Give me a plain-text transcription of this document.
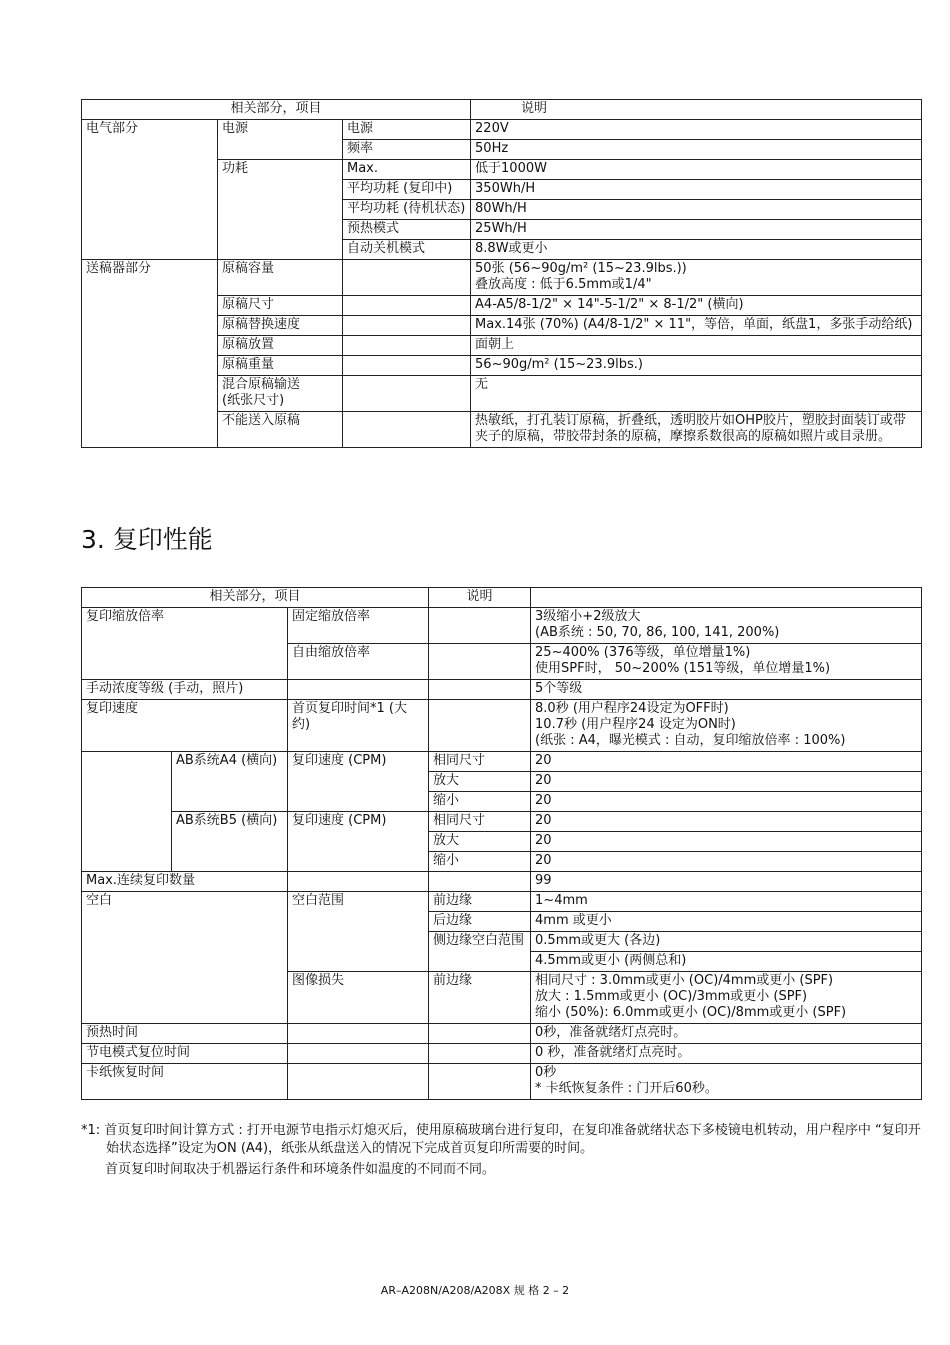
相关部分，项目			说明
电气部分	电源	电源	220V
		频率	50Hz
	功耗	Max.	低于1000W
		平均功耗 (复印中)	350Wh/H
		平均功耗 (待机状态)	80Wh/H
		预热模式	25Wh/H
		自动关机模式	8.8W或更小
送稿器部分	原稿容量		50张 (56~90g/m² (15~23.9lbs.))
叠放高度 : 低于6.5mm或1/4"
	原稿尺寸		A4-A5/8-1/2" × 14"-5-1/2" × 8-1/2" (横向)
	原稿替换速度		Max.14张 (70%) (A4/8-1/2" × 11"，等倍，单面，纸盘1，多张手动给纸)
	原稿放置		面朝上
	原稿重量		56~90g/m² (15~23.9lbs.)
	混合原稿输送
(纸张尺寸)		无
	不能送入原稿		热敏纸，打孔装订原稿，折叠纸，透明胶片如OHP胶片，塑胶封面装订或带夹子的原稿，带胶带封条的原稿，摩擦系数很高的原稿如照片或目录册。
3. 复印性能
相关部分，项目			说明	
复印缩放倍率		固定缩放倍率		3级缩小+2级放大
(AB系统 : 50, 70, 86, 100, 141, 200%)
		自由缩放倍率		25~400% (376等级，单位增量1%)
使用SPF时， 50~200% (151等级，单位增量1%)
手动浓度等级 (手动，照片)				5个等级
复印速度		首页复印时间*1 (大约)		8.0秒 (用户程序24设定为OFF时)
10.7秒 (用户程序24 设定为ON时)
(纸张 : A4，曝光模式 : 自动，复印缩放倍率 : 100%)
	AB系统A4 (横向)	复印速度 (CPM)	相同尺寸	20
			放大	20
			缩小	20
	AB系统B5 (横向)	复印速度 (CPM)	相同尺寸	20
			放大	20
			缩小	20
Max.连续复印数量				99
空白		空白范围	前边缘	1~4mm
			后边缘	4mm 或更小
			侧边缘空白范围	0.5mm或更大 (各边)
				4.5mm或更小 (两侧总和)
		图像损失	前边缘	相同尺寸 : 3.0mm或更小 (OC)/4mm或更小 (SPF)
放大 : 1.5mm或更小 (OC)/3mm或更小 (SPF)
缩小 (50%): 6.0mm或更小 (OC)/8mm或更小 (SPF)
预热时间				0秒，准备就绪灯点亮时。
节电模式复位时间				0 秒，准备就绪灯点亮时。
卡纸恢复时间				0秒
* 卡纸恢复条件 : 门开后60秒。
*1: 首页复印时间计算方式 : 打开电源节电指示灯熄灭后，使用原稿玻璃台进行复印，在复印准备就绪状态下多棱镜电机转动，用户程序中 “复印开始状态选择”设定为ON (A4)，纸张从纸盘送入的情况下完成首页复印所需要的时间。
首页复印时间取决于机器运行条件和环境条件如温度的不同而不同。
AR–A208N/A208/A208X 规 格 2 – 2
